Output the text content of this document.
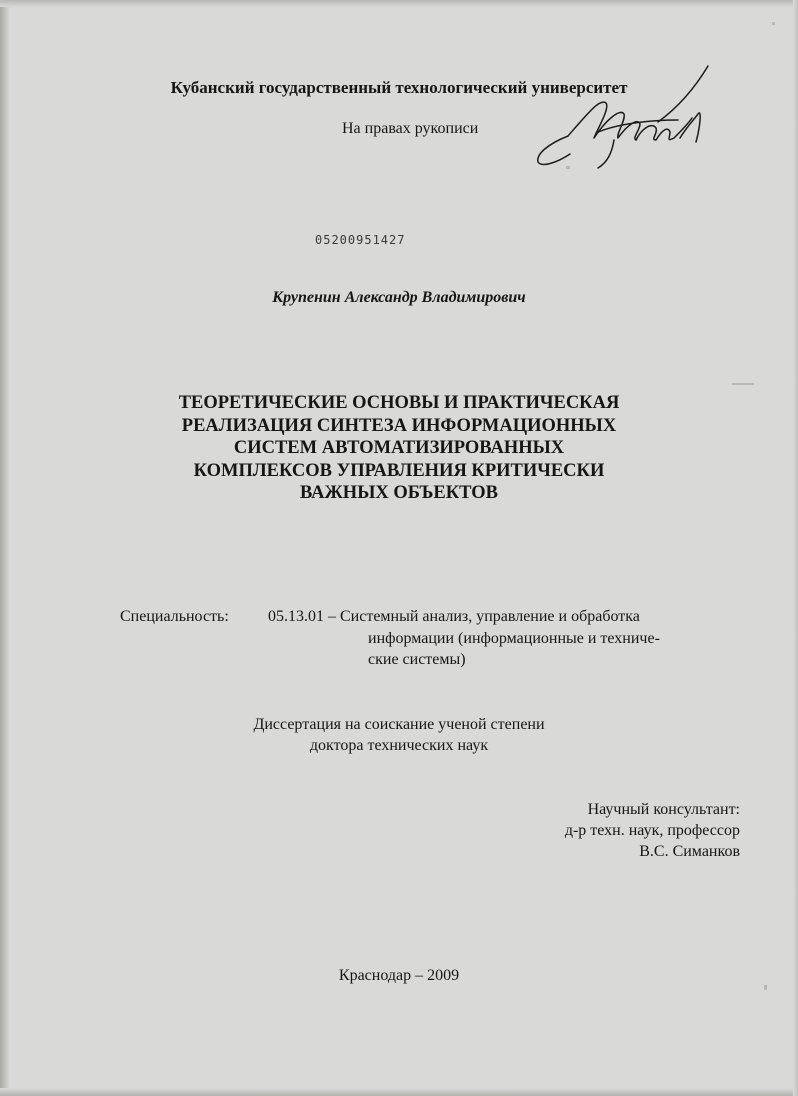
Кубанский государственный технологический университет
На правах рукописи
05200951427
Крупенин Александр Владимирович
ТЕОРЕТИЧЕСКИЕ ОСНОВЫ И ПРАКТИЧЕСКАЯ
РЕАЛИЗАЦИЯ СИНТЕЗА ИНФОРМАЦИОННЫХ
СИСТЕМ АВТОМАТИЗИРОВАННЫХ
КОМПЛЕКСОВ УПРАВЛЕНИЯ КРИТИЧЕСКИ
ВАЖНЫХ ОБЪЕКТОВ
Специальность: 05.13.01 – Системный анализ, управление и обработка
информации (информационные и техниче-
ские системы)
Диссертация на соискание ученой степени
доктора технических наук
Научный консультант:
д-р техн. наук, профессор
В.С. Симанков
Краснодар – 2009
